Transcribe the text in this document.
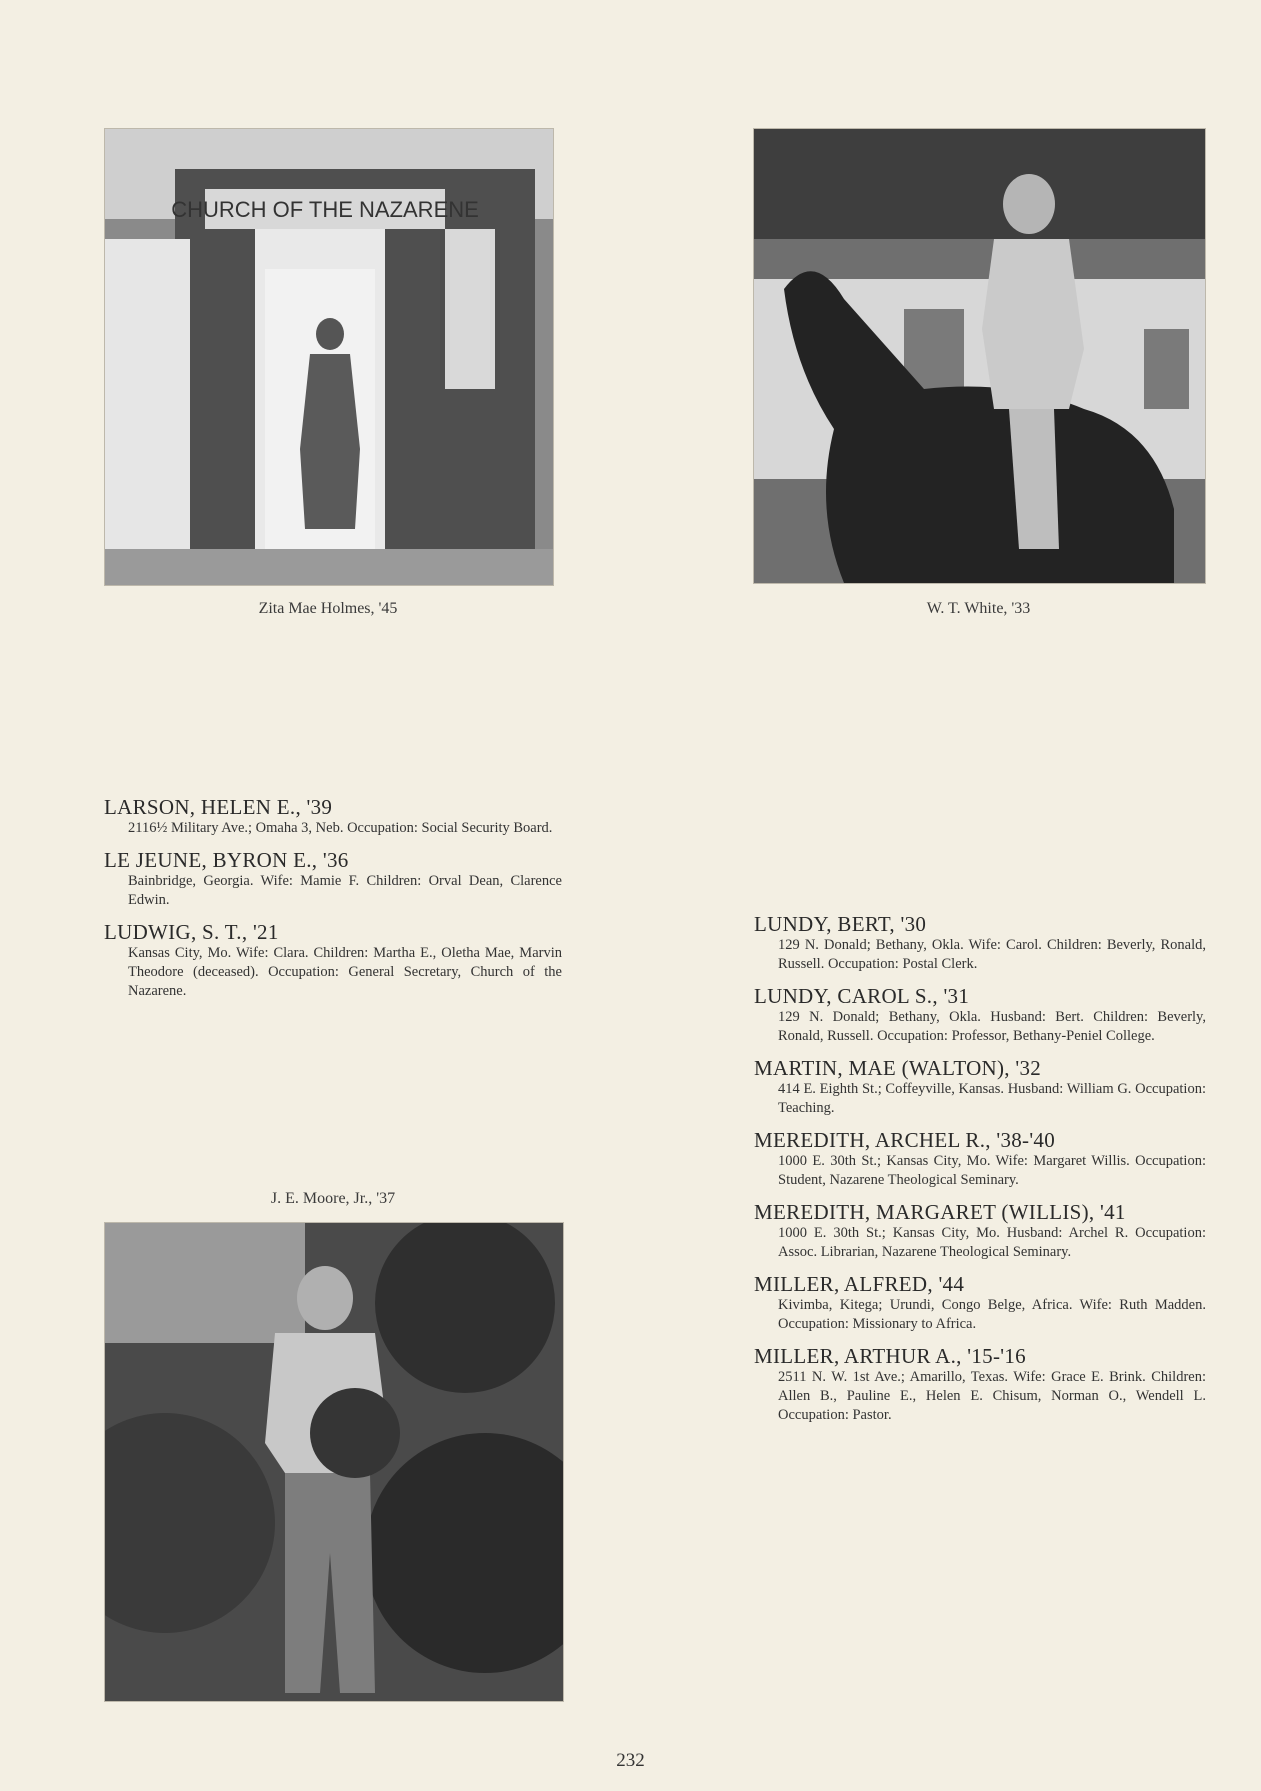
CHURCH OF THE NAZARENE
Zita Mae Holmes, '45	W. T. White, '33
LARSON, HELEN E., '39
2116½ Military Ave.; Omaha 3, Neb. Occupation: Social Security Board.
LE JEUNE, BYRON E., '36
Bainbridge, Georgia. Wife: Mamie F. Children: Orval Dean, Clarence Edwin.
LUDWIG, S. T., '21
Kansas City, Mo. Wife: Clara. Children: Martha E., Oletha Mae, Marvin Theodore (deceased). Occupation: General Secretary, Church of the Nazarene.
J. E. Moore, Jr., '37
LUNDY, BERT, '30
129 N. Donald; Bethany, Okla. Wife: Carol. Children: Beverly, Ronald, Russell. Occupation: Postal Clerk.
LUNDY, CAROL S., '31
129 N. Donald; Bethany, Okla. Husband: Bert. Children: Beverly, Ronald, Russell. Occupation: Professor, Bethany-Peniel College.
MARTIN, MAE (WALTON), '32
414 E. Eighth St.; Coffeyville, Kansas. Husband: William G. Occupation: Teaching.
MEREDITH, ARCHEL R., '38-'40
1000 E. 30th St.; Kansas City, Mo. Wife: Margaret Willis. Occupation: Student, Nazarene Theological Seminary.
MEREDITH, MARGARET (WILLIS), '41
1000 E. 30th St.; Kansas City, Mo. Husband: Archel R. Occupation: Assoc. Librarian, Nazarene Theological Seminary.
MILLER, ALFRED, '44
Kivimba, Kitega; Urundi, Congo Belge, Africa. Wife: Ruth Madden. Occupation: Missionary to Africa.
MILLER, ARTHUR A., '15-'16
2511 N. W. 1st Ave.; Amarillo, Texas. Wife: Grace E. Brink. Children: Allen B., Pauline E., Helen E. Chisum, Norman O., Wendell L. Occupation: Pastor.
232
